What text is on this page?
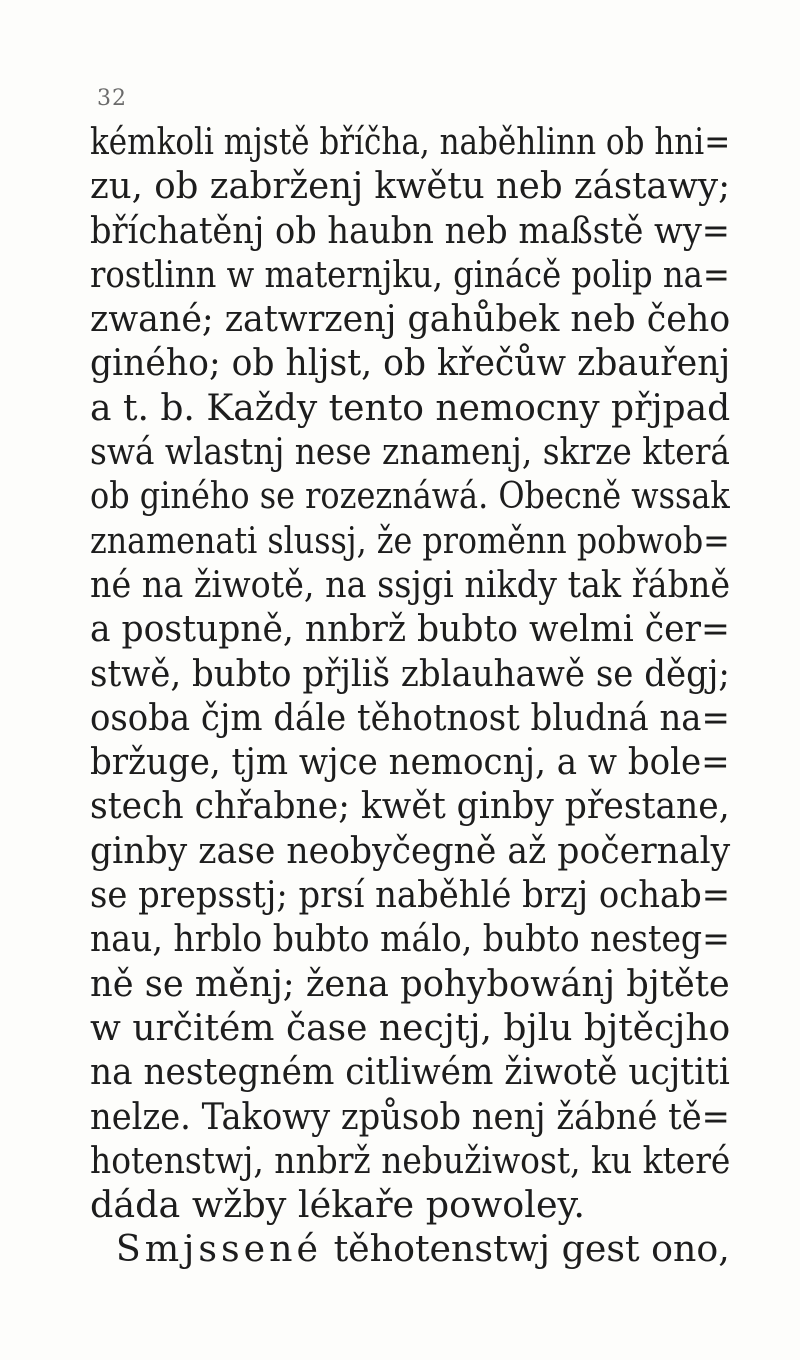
32
kémkoli mjstě bříčha, naběhlinn ob hni=
zu, ob zabrženj kwětu neb zástawy;
bříchatěnj ob haubn neb maßstě wy=
rostlinn w maternjku, ginácě polip na=
zwané; zatwrzenj gahůbek neb čeho
giného; ob hljst, ob křečůw zbauřenj
a t. b. Každy tento nemocny přjpad
swá wlastnj nese znamenj, skrze která
ob giného se rozeznáwá. Obecně wssak
znamenati slussj, že proměnn pobwob=
né na žiwotě, na ssjgi nikdy tak řábně
a postupně, nnbrž bubto welmi čer=
stwě, bubto přjliš zblauhawě se děgj;
osoba čjm dále těhotnost bludná na=
bržuge, tjm wjce nemocnj, a w bole=
stech chřabne; kwět ginby přestane,
ginby zase neobyčegně až počernaly
se prepsstj; prsí naběhlé brzj ochab=
nau, hrblo bubto málo, bubto nesteg=
ně se měnj; žena pohybowánj bjtěte
w určitém čase necjtj, bjlu bjtěcjho
na nestegném citliwém žiwotě ucjtiti
nelze. Takowy způsob nenj žábné tě=
hotenstwj, nnbrž nebužiwost, ku které
dáda wžby lékaře powoley.
Smjssené těhotenstwj gest ono,
